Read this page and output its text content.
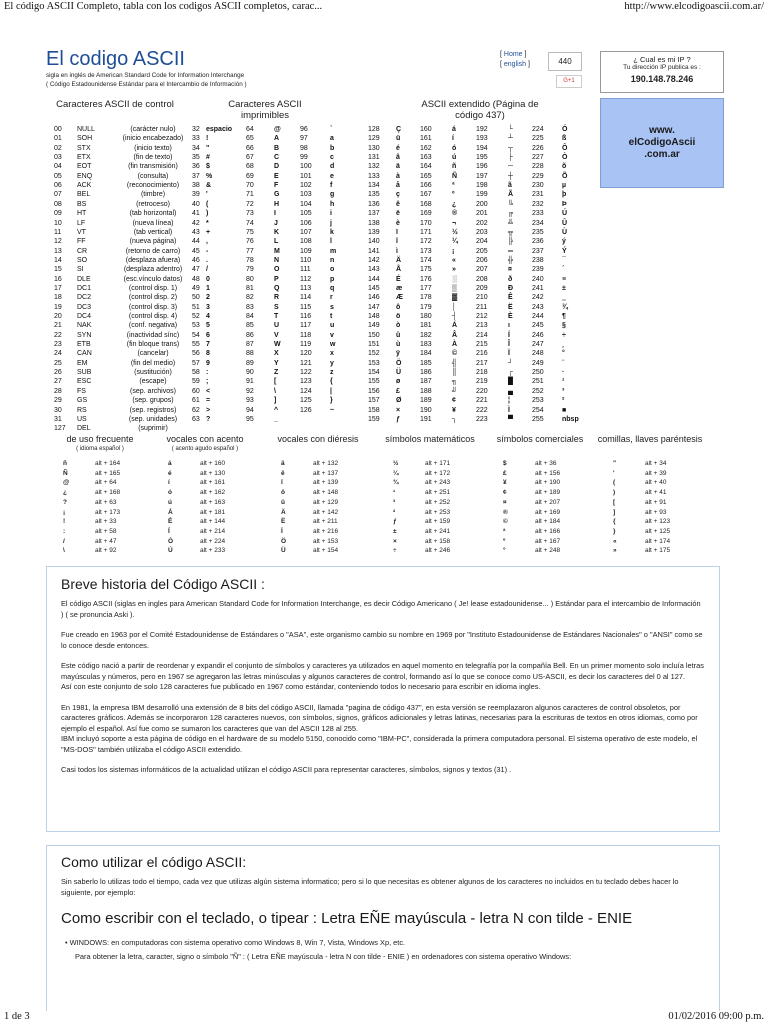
El código ASCII Completo, tabla con los codigos ASCII completos, carac...	http://www.elcodigoascii.com.ar/
El codigo ASCII
sigla en inglés de American Standard Code for Information Interchange
( Código Estadounidense Estándar para el Intercambio de Información )
[ Home ]
[ english ]	440
G+1
¿ Cual es mi IP ?
Tu dirección IP publica es :
190.148.78.246
www.
elCodigoAscii
.com.ar
Caracteres ASCII de control	Caracteres ASCII imprimibles
ASCII extendido (Página de código 437)
00 NULL	(carácter nulo)
01 SOH	(inicio encabezado)
02 STX	(inicio texto)
03 ETX	(fin de texto)
04 EOT	(fin transmisión)
05 ENQ	(consulta)
06 ACK	(reconocimiento)
07 BEL	(timbre)
08 BS	(retroceso)
09 HT	(tab horizontal)
10 LF	(nueva línea)
11 VT	(tab vertical)
12 FF	(nueva página)
13 CR	(retorno de carro)
14 SO	(desplaza afuera)
15 SI	(desplaza adentro)
16 DLE	(esc.vínculo datos)
17 DC1	(control disp. 1)
18 DC2	(control disp. 2)
19 DC3	(control disp. 3)
20 DC4	(control disp. 4)
21 NAK	(conf. negativa)
22 SYN	(inactividad sínc)
23 ETB	(fin bloque trans)
24 CAN	(cancelar)
25 EM	(fin del medio)
26 SUB	(sustitución)
27 ESC	(escape)
28 FS	(sep. archivos)
29 GS	(sep. grupos)
30 RS	(sep. registros)
31 US	(sep. unidades)
127 DEL	(suprimir)
32 espacio 64	@	96	`
33 !	65	A	97	a
34 "	66	B	98	b
35 #	67	C	99	c
36 $	68	D	100	d
37 %	69	E	101	e
38 &	70	F	102	f
39 '	71	G	103	g
40 (	72	H	104	h
41 )	73	I	105	i
42 *	74	J	106	j
43 +	75	K	107	k
44 ,	76	L	108	l
45 -	77	M	109	m
46 .	78	N	110	n
47 /	79	O	111	o
48 0	80	P	112	p
49 1	81	Q	113	q
50 2	82	R	114	r
51 3	83	S	115	s
52 4	84	T	116	t
53 5	85	U	117	u
54 6	86	V	118	v
55 7	87	W	119	w
56 8	88	X	120	x
57 9	89	Y	121	y
58 :	90	Z	122	z
59 ;	91	[	123	{
60 <	92	\	124	|
61 =	93	]	125	}
62 >	94	^	126	~
63 ?	95	_
128 Ç	160	á	192	└	224	Ó
129 ü	161	í	193	┴	225	ß
130 é	162	ó	194	┬	226	Ô
131 â	163	ú	195	├	227	Ò
132 ä	164	ñ	196	─	228	õ
133 à	165	Ñ	197	┼	229	Õ
134 å	166	ª	198	ã	230	µ
135 ç	167	º	199	Ã	231	þ
136 ê	168	¿	200	╚	232	Þ
137 ë	169	®	201	╔	233	Ú
138 è	170	¬	202	╩	234	Û
139 ï	171	½	203	╦	235	Ù
140 î	172	¼	204	╠	236	ý
141 ì	173	¡	205	═	237	Ý
142 Ä	174	«	206	╬	238	¯
143 Å	175	»	207	¤	239	´
144 É	176	░	208	ð	240	≡
145 æ	177	▒	209	Ð	241	±
146 Æ 178	▓	210	Ê	242	‗
147 ô	179	│	211	Ë	243	¾
148 ö	180	┤	212	È	244	¶
149 ò	181	Á	213	ı	245	§
150 û	182	Â	214	Í	246	÷
151 ù	183	À	215	Î	247	¸
152 ÿ	184	©	216	Ï	248	°
153 Ö	185	╣	217	┘	249	¨
154 Ü	186	║	218	┌	250	·
155 ø	187	╗	219	█	251	¹
156 £	188	╝	220	▄	252	³
157 Ø	189	¢	221	¦	253	²
158 ×	190	¥	222	Ì	254	■
159 ƒ	191	┐	223	▀	255	nbsp
de uso frecuente
( idioma español )
ñ	alt + 164
Ñ	alt + 165
@	alt + 64
¿	alt + 168
?	alt + 63
¡	alt + 173
!	alt + 33
:	alt + 58
/	alt + 47
\	alt + 92
vocales con acento
( acento agudo español )
á	alt + 160
é	alt + 130
í	alt + 161
ó	alt + 162
ú	alt + 163
Á	alt + 181
É	alt + 144
Í	alt + 214
Ó	alt + 224
Ú	alt + 233
vocales con diéresis
ä	alt + 132
ë	alt + 137
ï	alt + 139
ö	alt + 148
ü	alt + 129
Ä	alt + 142
Ë	alt + 211
Ï	alt + 216
Ö	alt + 153
Ü	alt + 154
símbolos matemáticos
½	alt + 171
¼	alt + 172
¾	alt + 243
¹	alt + 251
³	alt + 252
²	alt + 253
ƒ	alt + 159
±	alt + 241
×	alt + 158
÷	alt + 246
símbolos comerciales
$	alt + 36
£	alt + 156
¥	alt + 190
¢	alt + 189
¤	alt + 207
®	alt + 169
©	alt + 184
ª	alt + 166
º	alt + 167
°	alt + 248
comillas, llaves paréntesis
"	alt + 34
'	alt + 39
(	alt + 40
)	alt + 41
[	alt + 91
]	alt + 93
{	alt + 123
}	alt + 125
«	alt + 174
»	alt + 175
Breve historia del Código ASCII :
El código ASCII (siglas en ingles para American Standard Code for Information Interchange, es decir Código Americano ( Je! lease estadounidense... ) Estándar para el intercambio de Información ) ( se pronuncia Aski ).
Fue creado en 1963 por el Comité Estadounidense de Estándares o "ASA", este organismo cambio su nombre en 1969 por "Instituto Estadounidense de Estándares Nacionales" o "ANSI" como se lo conoce desde entonces.
Este código nació a partir de reordenar y expandir el conjunto de símbolos y caracteres ya utilizados en aquel momento en telegrafía por la compañía Bell. En un primer momento solo incluía letras mayúsculas y números, pero en 1967 se agregaron las letras minúsculas y algunos caracteres de control, formando así lo que se conoce como US-ASCII, es decir los caracteres del 0 al 127.
Así con este conjunto de solo 128 caracteres fue publicado en 1967 como estándar, conteniendo todos lo necesario para escribir en idioma ingles.
En 1981, la empresa IBM desarrolló una extensión de 8 bits del código ASCII, llamada "pagina de código 437", en esta versión se reemplazaron algunos caracteres de control obsoletos, por caracteres gráficos. Además se incorporaron 128 caracteres nuevos, con símbolos, signos, gráficos adicionales y letras latinas, necesarias para la escrituras de textos en otros idiomas, como por ejemplo el español. Así fue como se sumaron los caracteres que van del ASCII 128 al 255.
IBM incluyó soporte a esta página de código en el hardware de su modelo 5150, conocido como "IBM-PC", considerada la primera computadora personal. El sistema operativo de este modelo, el "MS-DOS" también utilizaba el código ASCII extendido.
Casi todos los sistemas informáticos de la actualidad utilizan el código ASCII para representar caracteres, símbolos, signos y textos (31) .
Como utilizar el código ASCII:
Sin saberlo lo utilizas todo el tiempo, cada vez que utilizas algún sistema informatico; pero si lo que necesitas es obtener algunos de los caracteres no incluidos en tu teclado debes hacer lo siguiente, por ejemplo:
Como escribir con el teclado, o tipear : Letra EÑE mayúscula - letra N con tilde - ENIE
• WINDOWS: en computadoras con sistema operativo como Windows 8, Win 7, Vista, Windows Xp, etc.
Para obtener la letra, caracter, signo o símbolo "Ñ" : ( Letra EÑE mayúscula - letra N con tilde - ENIE ) en ordenadores con sistema operativo Windows:
1 de 3	01/02/2016 09:00 p.m.
